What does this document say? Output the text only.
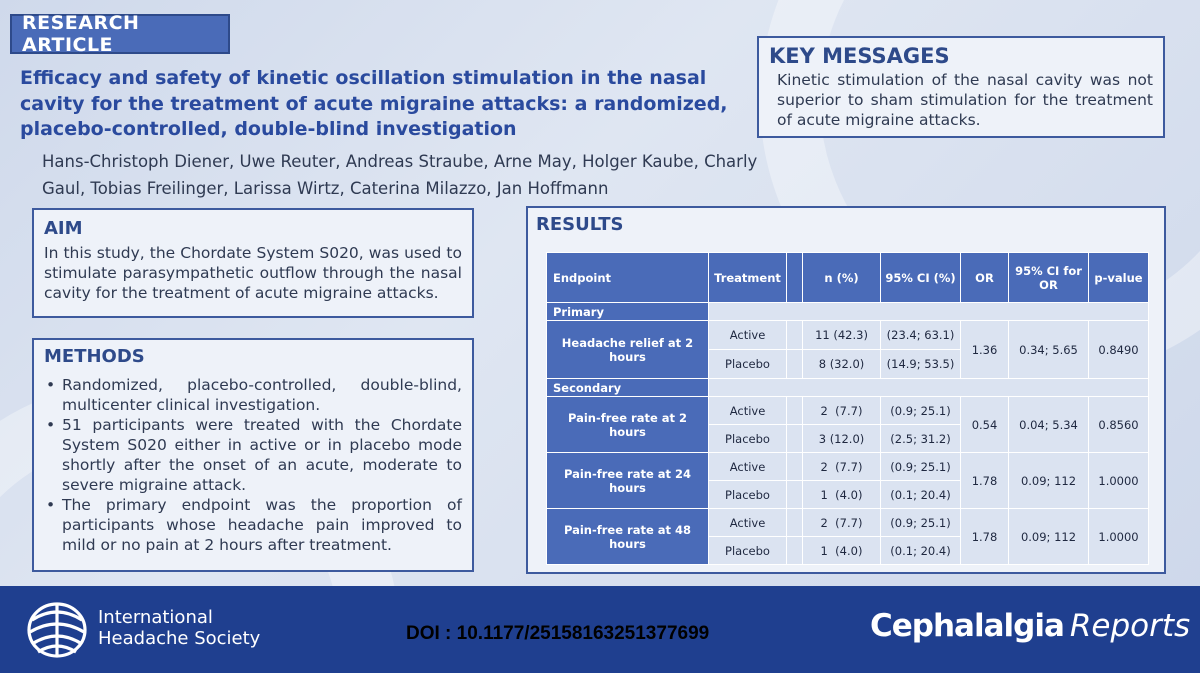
RESEARCH ARTICLE
Efficacy and safety of kinetic oscillation stimulation in the nasal cavity for the treatment of acute migraine attacks: a randomized, placebo-controlled, double-blind investigation
Hans-Christoph Diener, Uwe Reuter, Andreas Straube, Arne May, Holger Kaube, Charly Gaul, Tobias Freilinger, Larissa Wirtz, Caterina Milazzo, Jan Hoffmann
KEY MESSAGES
Kinetic stimulation of the nasal cavity was not superior to sham stimulation for the treatment of acute migraine attacks.
AIM
In this study, the Chordate System S020, was used to stimulate parasympathetic outflow through the nasal cavity for the treatment of acute migraine attacks.
METHODS
• Randomized, placebo-controlled, double-blind, multicenter clinical investigation.
• 51 participants were treated with the Chordate System S020 either in active or in placebo mode shortly after the onset of an acute, moderate to severe migraine attack.
• The primary endpoint was the proportion of participants whose headache pain improved to mild or no pain at 2 hours after treatment.
RESULTS
Endpoint	Treatment		n (%)	95% CI (%)	OR	95% CI for OR	p-value
Primary							
Headache relief at 2 hours	Active		11 (42.3)	(23.4; 63.1)	1.36	0.34; 5.65	0.8490
	Placebo		8 (32.0)	(14.9; 53.5)			
Secondary							
Pain-free rate at 2 hours	Active		2  (7.7)	(0.9; 25.1)	0.54	0.04; 5.34	0.8560
	Placebo		3 (12.0)	(2.5; 31.2)			
Pain-free rate at 24 hours	Active		2  (7.7)	(0.9; 25.1)	1.78	0.09; 112	1.0000
	Placebo		1  (4.0)	(0.1; 20.4)			
Pain-free rate at 48 hours	Active		2  (7.7)	(0.9; 25.1)	1.78	0.09; 112	1.0000
	Placebo		1  (4.0)	(0.1; 20.4)			
International
Headache Society	DOI : 10.1177/25158163251377699	Cephalalgia Reports
